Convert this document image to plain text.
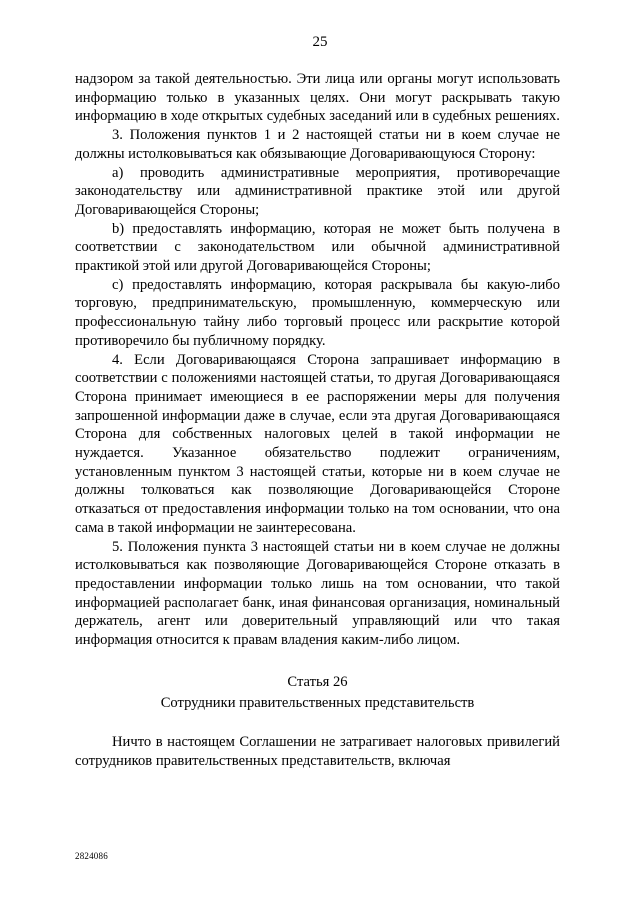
25

надзором за такой деятельностью. Эти лица или органы могут использовать информацию только в указанных целях. Они могут раскрывать такую информацию в ходе открытых судебных заседаний или в судебных решениях.

3. Положения пунктов 1 и 2 настоящей статьи ни в коем случае не должны истолковываться как обязывающие Договаривающуюся Сторону:

a) проводить административные мероприятия, противоречащие законодательству или административной практике этой или другой Договаривающейся Стороны;

b) предоставлять информацию, которая не может быть получена в соответствии с законодательством или обычной административной практикой этой или другой Договаривающейся Стороны;

c) предоставлять информацию, которая раскрывала бы какую-либо торговую, предпринимательскую, промышленную, коммерческую или профессиональную тайну либо торговый процесс или раскрытие которой противоречило бы публичному порядку.

4. Если Договаривающаяся Сторона запрашивает информацию в соответствии с положениями настоящей статьи, то другая Договаривающаяся Сторона принимает имеющиеся в ее распоряжении меры для получения запрошенной информации даже в случае, если эта другая Договаривающаяся Сторона для собственных налоговых целей в такой информации не нуждается. Указанное обязательство подлежит ограничениям, установленным пунктом 3 настоящей статьи, которые ни в коем случае не должны толковаться как позволяющие Договаривающейся Стороне отказаться от предоставления информации только на том основании, что она сама в такой информации не заинтересована.

5. Положения пункта 3 настоящей статьи ни в коем случае не должны истолковываться как позволяющие Договаривающейся Стороне отказать в предоставлении информации только лишь на том основании, что такой информацией располагает банк, иная финансовая организация, номинальный держатель, агент или доверительный управляющий или что такая информация относится к правам владения каким-либо лицом.

Статья 26

Сотрудники правительственных представительств

Ничто в настоящем Соглашении не затрагивает налоговых привилегий сотрудников правительственных представительств, включая

2824086
